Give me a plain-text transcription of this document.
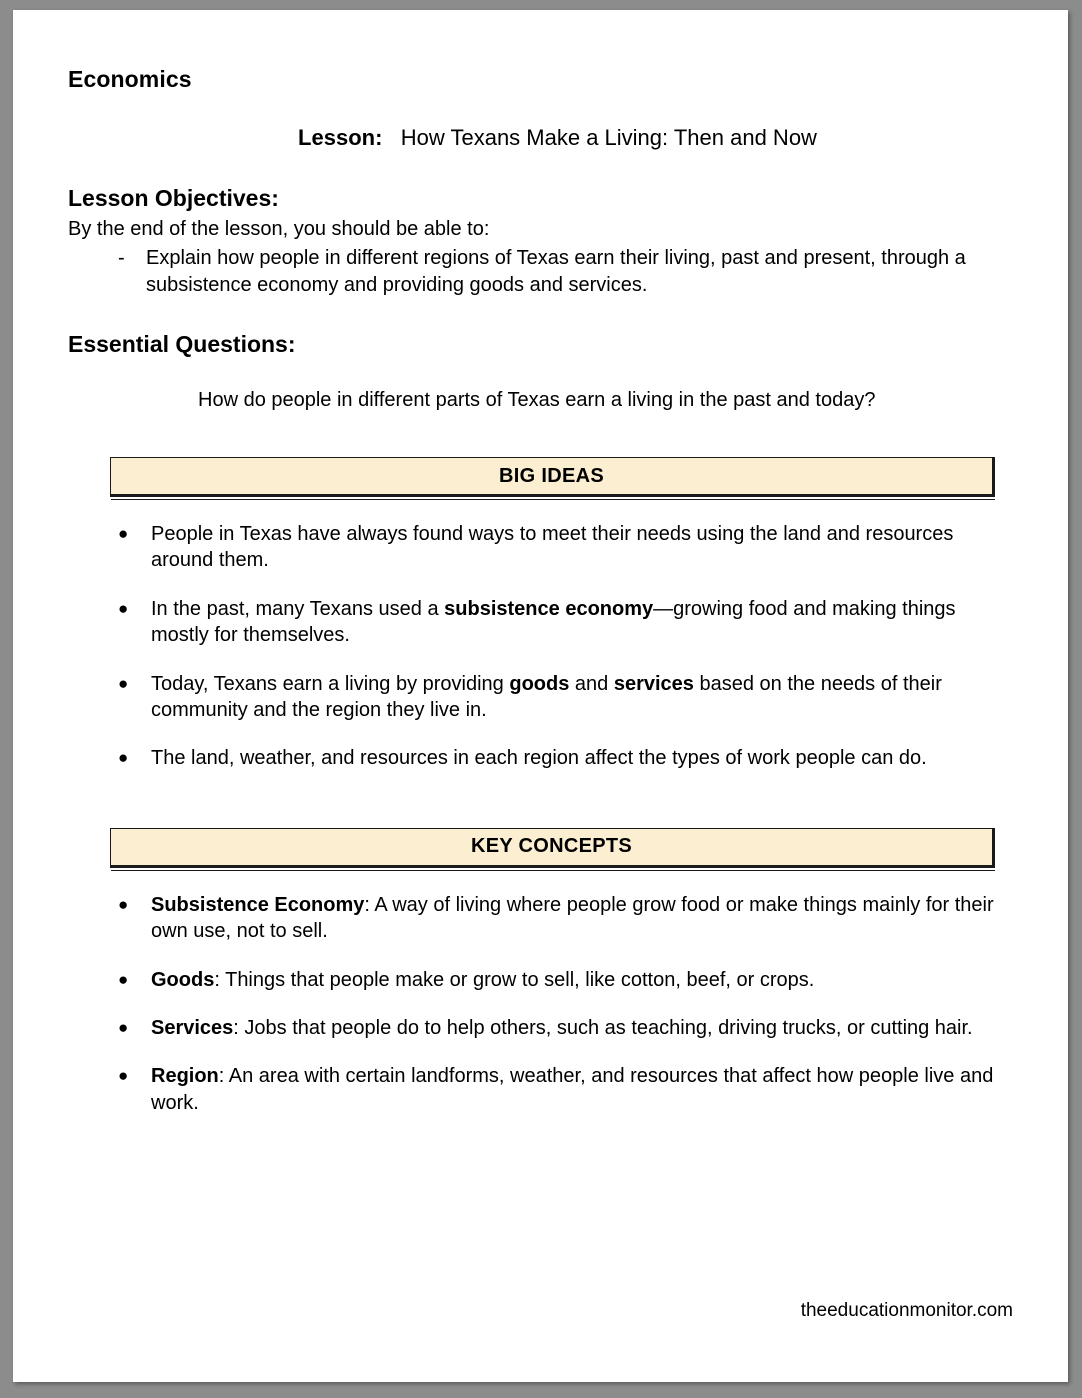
Economics
Lesson: How Texans Make a Living: Then and Now
Lesson Objectives:
By the end of the lesson, you should be able to:
- Explain how people in different regions of Texas earn their living, past and present, through a subsistence economy and providing goods and services.
Essential Questions:
How do people in different parts of Texas earn a living in the past and today?
BIG IDEAS
● People in Texas have always found ways to meet their needs using the land and resources around them.
● In the past, many Texans used a subsistence economy—growing food and making things mostly for themselves.
● Today, Texans earn a living by providing goods and services based on the needs of their community and the region they live in.
● The land, weather, and resources in each region affect the types of work people can do.
KEY CONCEPTS
● Subsistence Economy: A way of living where people grow food or make things mainly for their own use, not to sell.
● Goods: Things that people make or grow to sell, like cotton, beef, or crops.
● Services: Jobs that people do to help others, such as teaching, driving trucks, or cutting hair.
● Region: An area with certain landforms, weather, and resources that affect how people live and work.
theeducationmonitor.com
